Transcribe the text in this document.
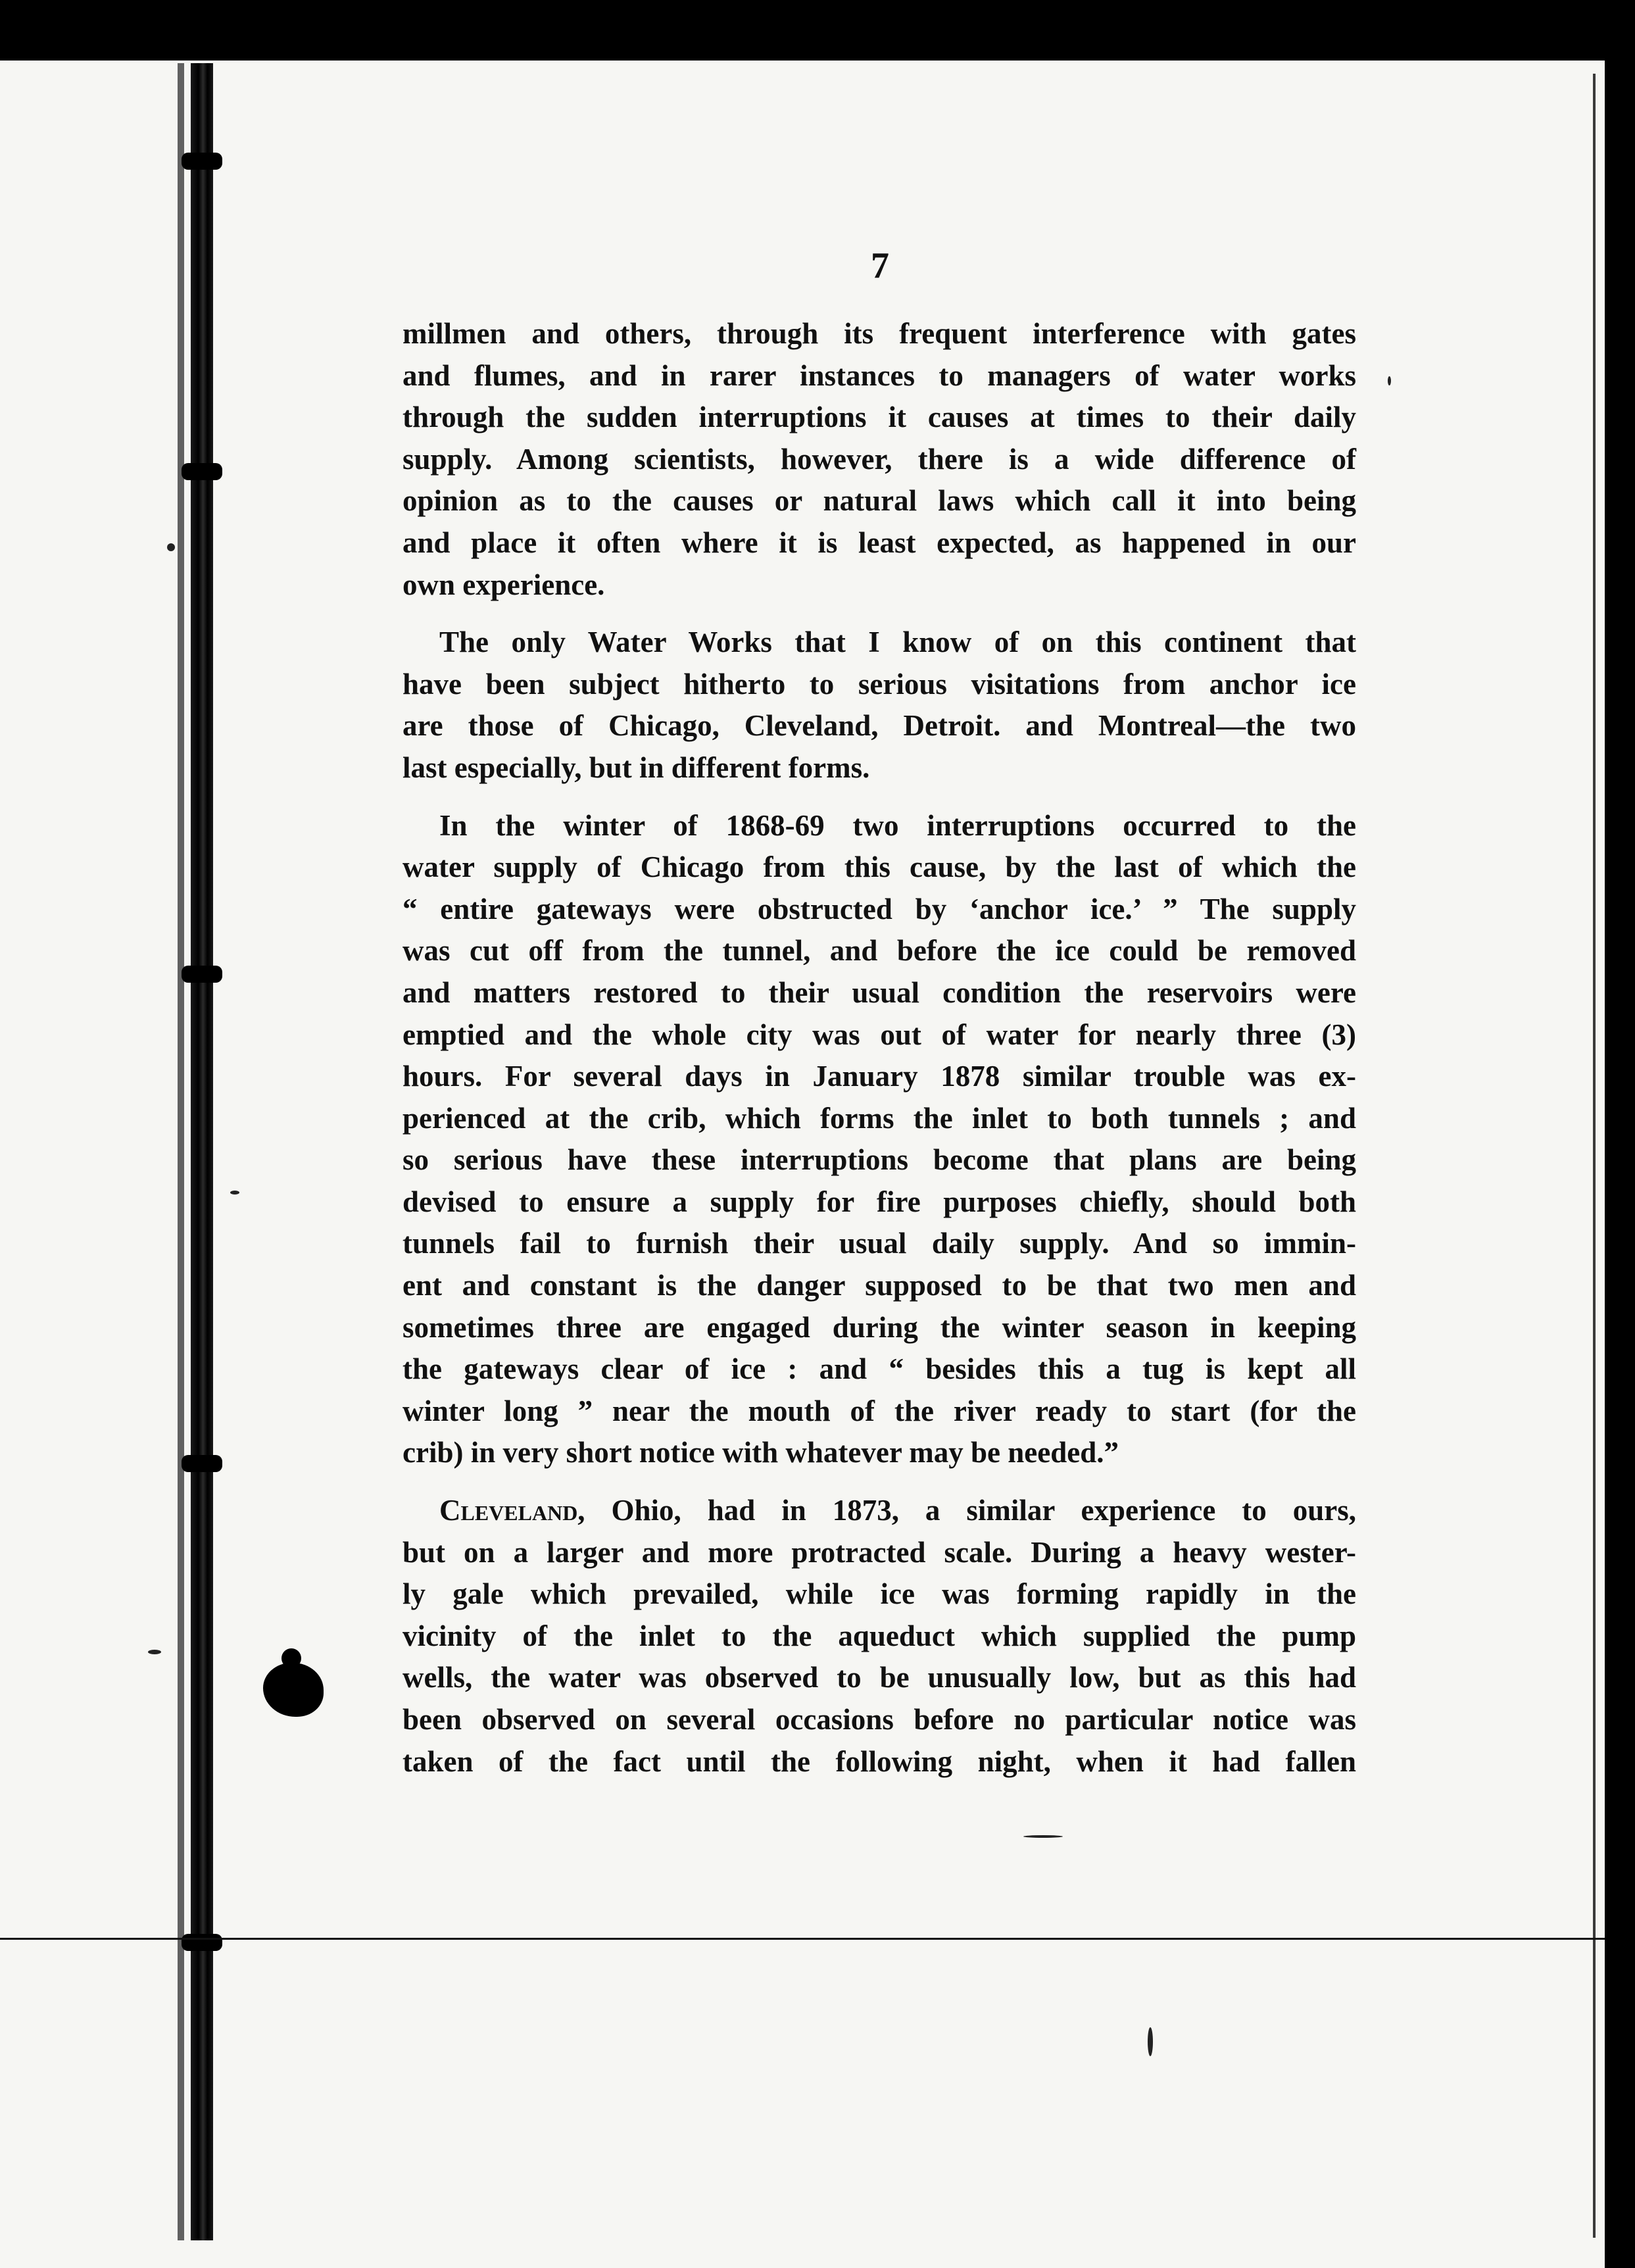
7
millmen and others, through its frequent interference with gates
and flumes, and in rarer instances to managers of water works
through the sudden interruptions it causes at times to their daily
supply. Among scientists, however, there is a wide difference of
opinion as to the causes or natural laws which call it into being
and place it often where it is least expected, as happened in our
own experience.
The only Water Works that I know of on this continent that
have been subject hitherto to serious visitations from anchor ice
are those of Chicago, Cleveland, Detroit. and Montreal—the two
last especially, but in different forms.
In the winter of 1868-69 two interruptions occurred to the
water supply of Chicago from this cause, by the last of which the
“ entire gateways were obstructed by ‘anchor ice.’ ” The supply
was cut off from the tunnel, and before the ice could be removed
and matters restored to their usual condition the reservoirs were
emptied and the whole city was out of water for nearly three (3)
hours. For several days in January 1878 similar trouble was ex-
perienced at the crib, which forms the inlet to both tunnels ; and
so serious have these interruptions become that plans are being
devised to ensure a supply for fire purposes chiefly, should both
tunnels fail to furnish their usual daily supply. And so immin-
ent and constant is the danger supposed to be that two men and
sometimes three are engaged during the winter season in keeping
the gateways clear of ice : and “ besides this a tug is kept all
winter long ” near the mouth of the river ready to start (for the
crib) in very short notice with whatever may be needed.”
Cleveland, Ohio, had in 1873, a similar experience to ours,
but on a larger and more protracted scale. During a heavy wester-
ly gale which prevailed, while ice was forming rapidly in the
vicinity of the inlet to the aqueduct which supplied the pump
wells, the water was observed to be unusually low, but as this had
been observed on several occasions before no particular notice was
taken of the fact until the following night, when it had fallen
